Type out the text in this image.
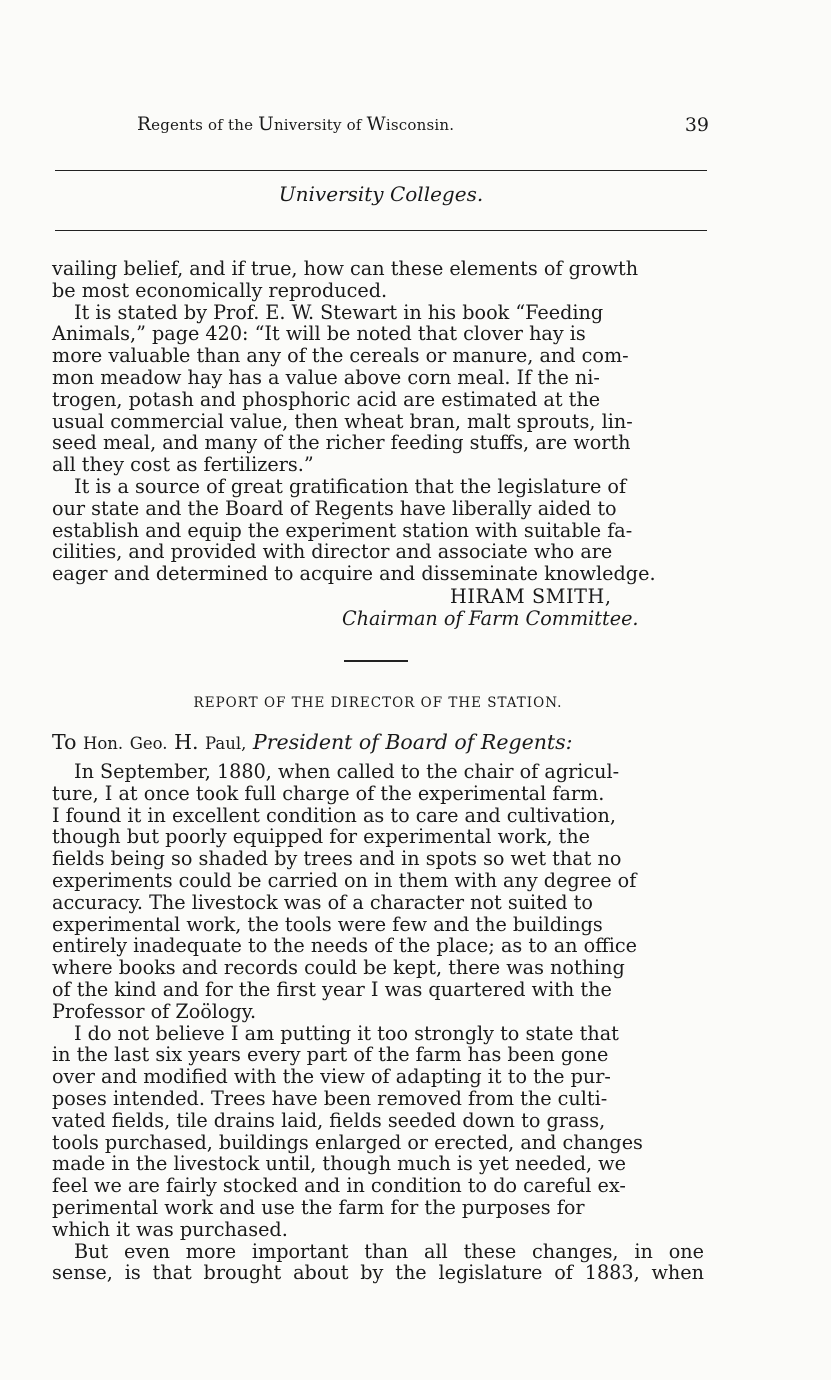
Regents of the University of Wisconsin.	39
University Colleges.

vailing belief, and if true, how can these elements of growth
be most economically reproduced.

It is stated by Prof. E. W. Stewart in his book “Feeding
Animals,” page 420: “It will be noted that clover hay is
more valuable than any of the cereals or manure, and com-
mon meadow hay has a value above corn meal. If the ni-
trogen, potash and phosphoric acid are estimated at the
usual commercial value, then wheat bran, malt sprouts, lin-
seed meal, and many of the richer feeding stuffs, are worth
all they cost as fertilizers.”

It is a source of great gratification that the legislature of
our state and the Board of Regents have liberally aided to
establish and equip the experiment station with suitable fa-
cilities, and provided with director and associate who are
eager and determined to acquire and disseminate knowledge.

HIRAM SMITH,
Chairman of Farm Committee.
REPORT OF THE DIRECTOR OF THE STATION.
To Hon. Geo. H. Paul, President of Board of Regents:

In September, 1880, when called to the chair of agricul-
ture, I at once took full charge of the experimental farm.
I found it in excellent condition as to care and cultivation,
though but poorly equipped for experimental work, the
fields being so shaded by trees and in spots so wet that no
experiments could be carried on in them with any degree of
accuracy. The livestock was of a character not suited to
experimental work, the tools were few and the buildings
entirely inadequate to the needs of the place; as to an office
where books and records could be kept, there was nothing
of the kind and for the first year I was quartered with the
Professor of Zoölogy.

I do not believe I am putting it too strongly to state that
in the last six years every part of the farm has been gone
over and modified with the view of adapting it to the pur-
poses intended. Trees have been removed from the culti-
vated fields, tile drains laid, fields seeded down to grass,
tools purchased, buildings enlarged or erected, and changes
made in the livestock until, though much is yet needed, we
feel we are fairly stocked and in condition to do careful ex-
perimental work and use the farm for the purposes for
which it was purchased.

But even more important than all these changes, in one
sense, is that brought about by the legislature of 1883, when
